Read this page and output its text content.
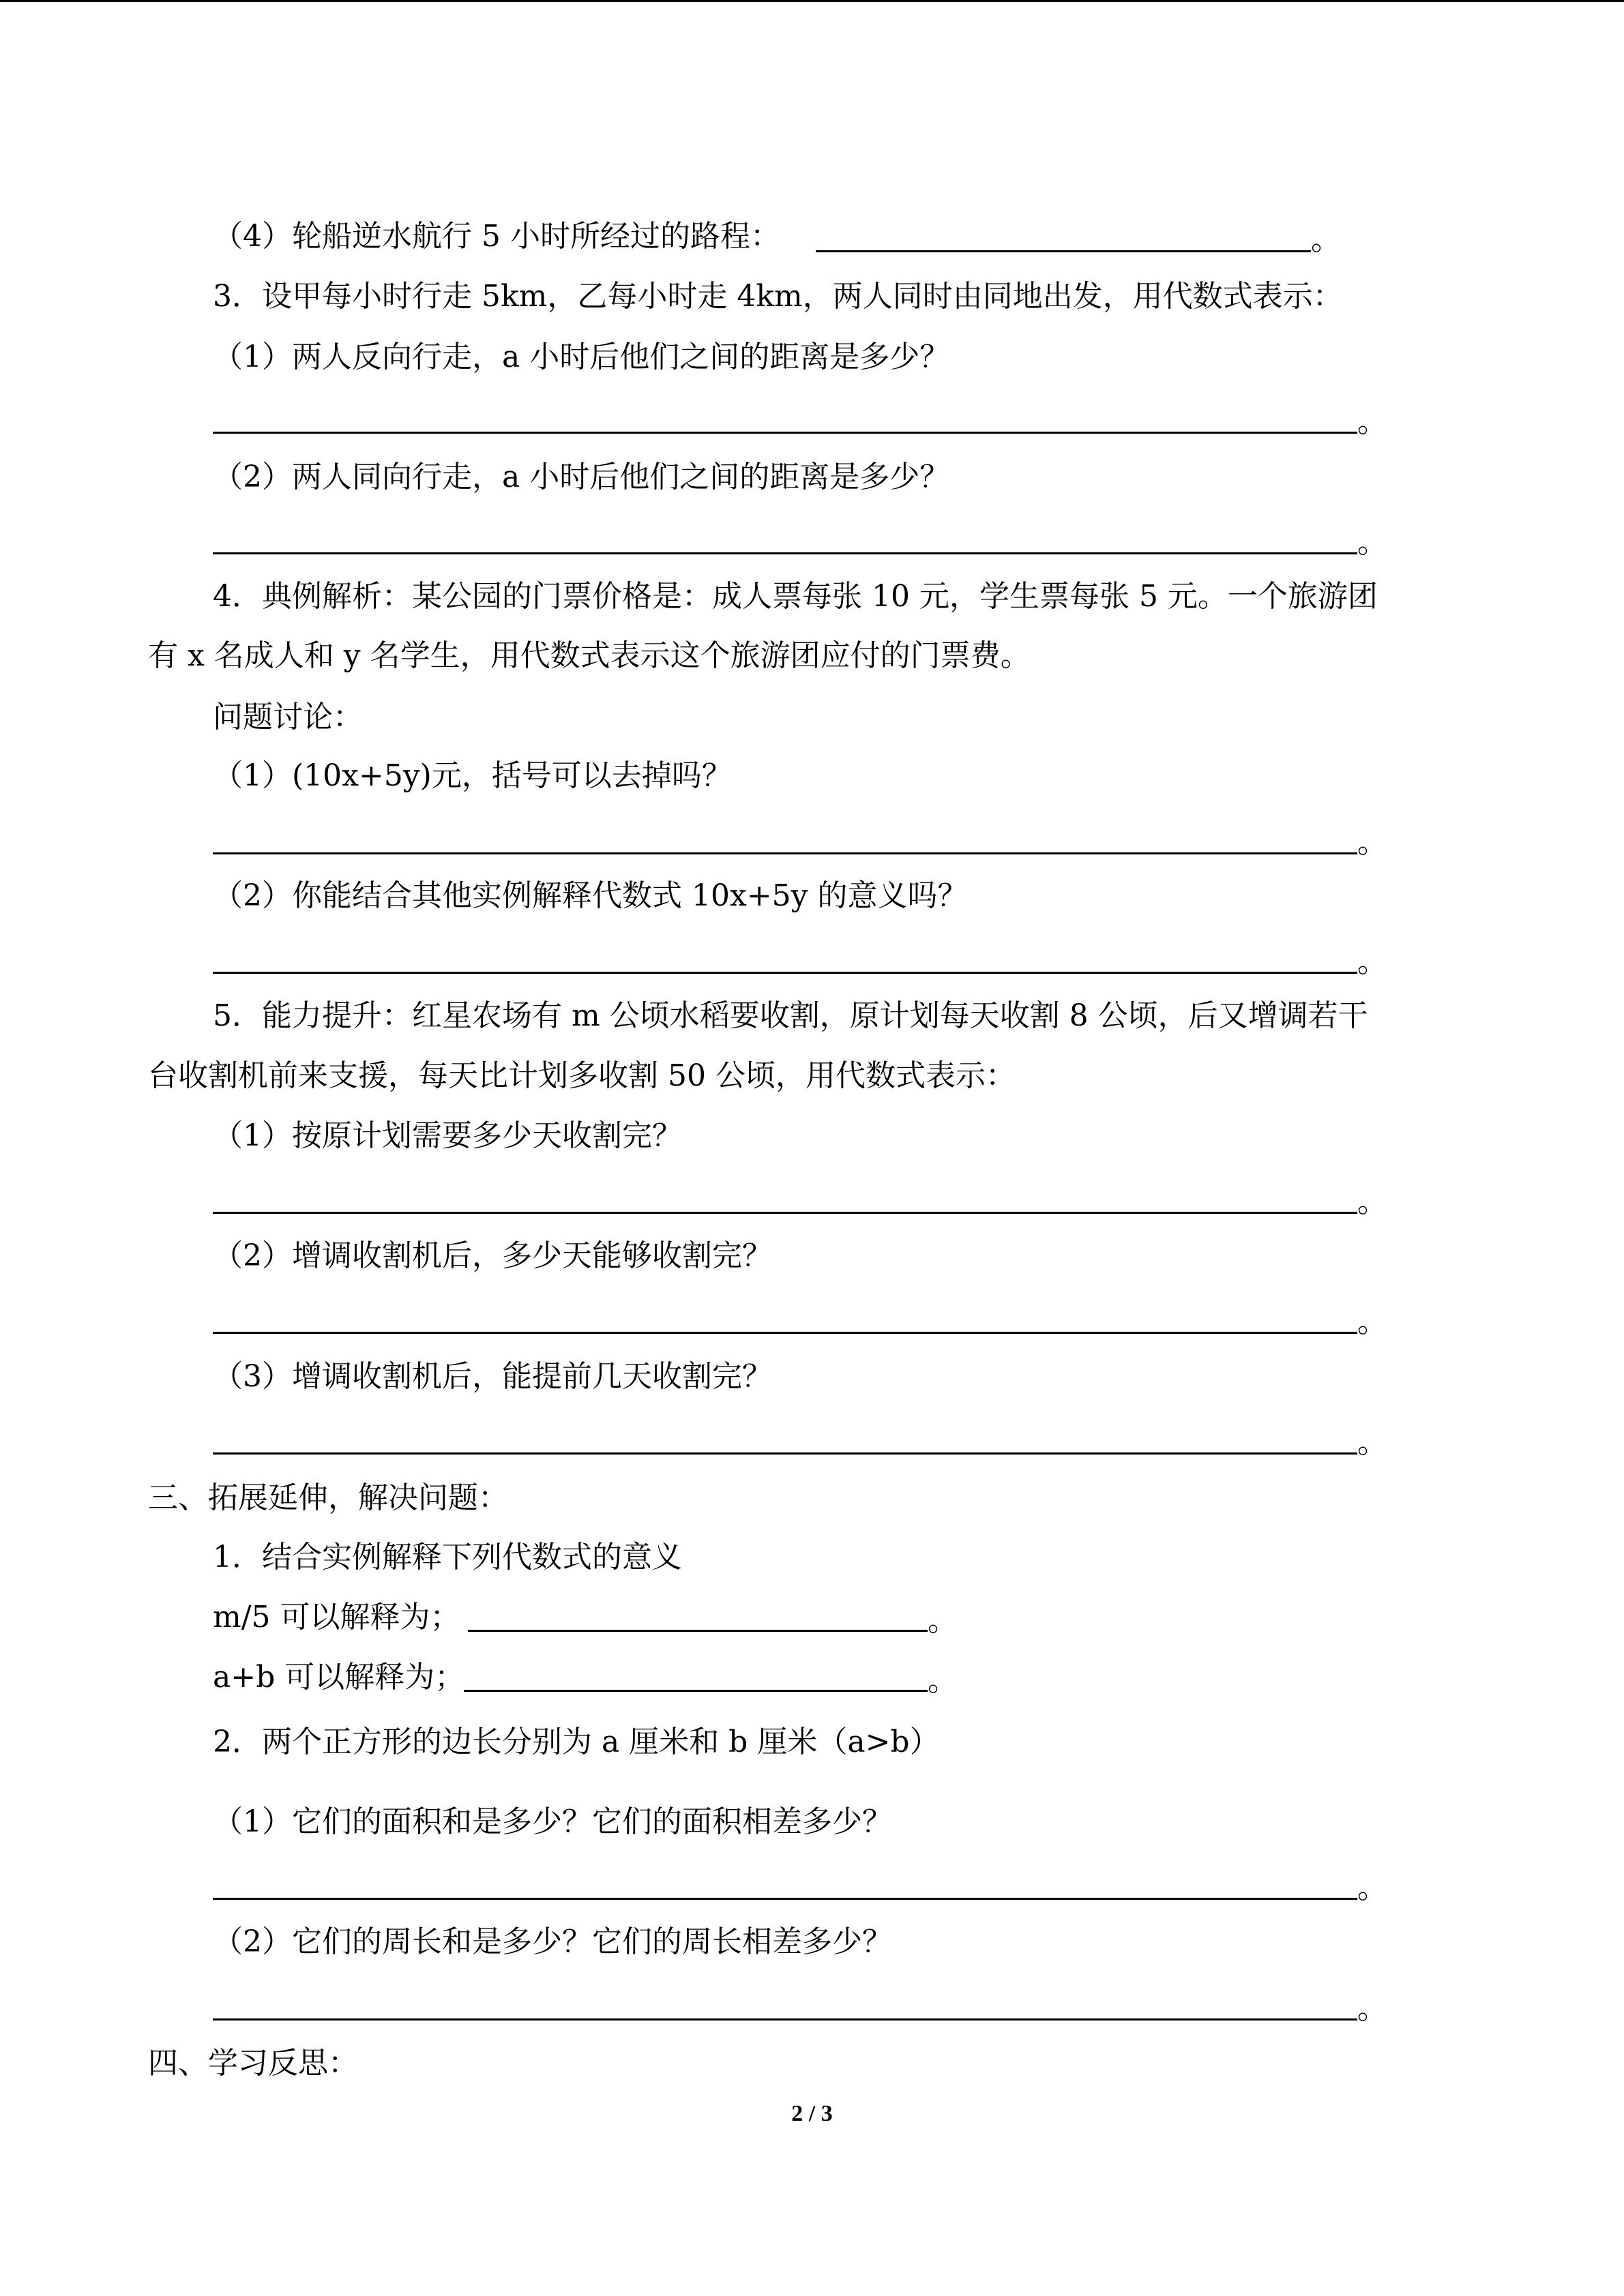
（4）轮船逆水航行 5 小时所经过的路程：	。
3．设甲每小时行走 5km，乙每小时走 4km，两人同时由同地出发，用代数式表示：
（1）两人反向行走，a 小时后他们之间的距离是多少？
。
（2）两人同向行走，a 小时后他们之间的距离是多少？
。
4．典例解析：某公园的门票价格是：成人票每张 10 元，学生票每张 5 元。一个旅游团
有 x 名成人和 y 名学生，用代数式表示这个旅游团应付的门票费。
问题讨论：
（1）(10x+5y)元，括号可以去掉吗？
。
（2）你能结合其他实例解释代数式 10x+5y 的意义吗？
。
5．能力提升：红星农场有 m 公顷水稻要收割，原计划每天收割 8 公顷，后又增调若干
台收割机前来支援，每天比计划多收割 50 公顷，用代数式表示：
（1）按原计划需要多少天收割完？
。
（2）增调收割机后，多少天能够收割完？
。
（3）增调收割机后，能提前几天收割完？
。
三、拓展延伸，解决问题：
1．结合实例解释下列代数式的意义
m/5 可以解释为；	。
a+b 可以解释为；	。
2．两个正方形的边长分别为 a 厘米和 b 厘米（a>b）
（1）它们的面积和是多少？它们的面积相差多少？
。
（2）它们的周长和是多少？它们的周长相差多少？
。
四、学习反思：
2 / 3
